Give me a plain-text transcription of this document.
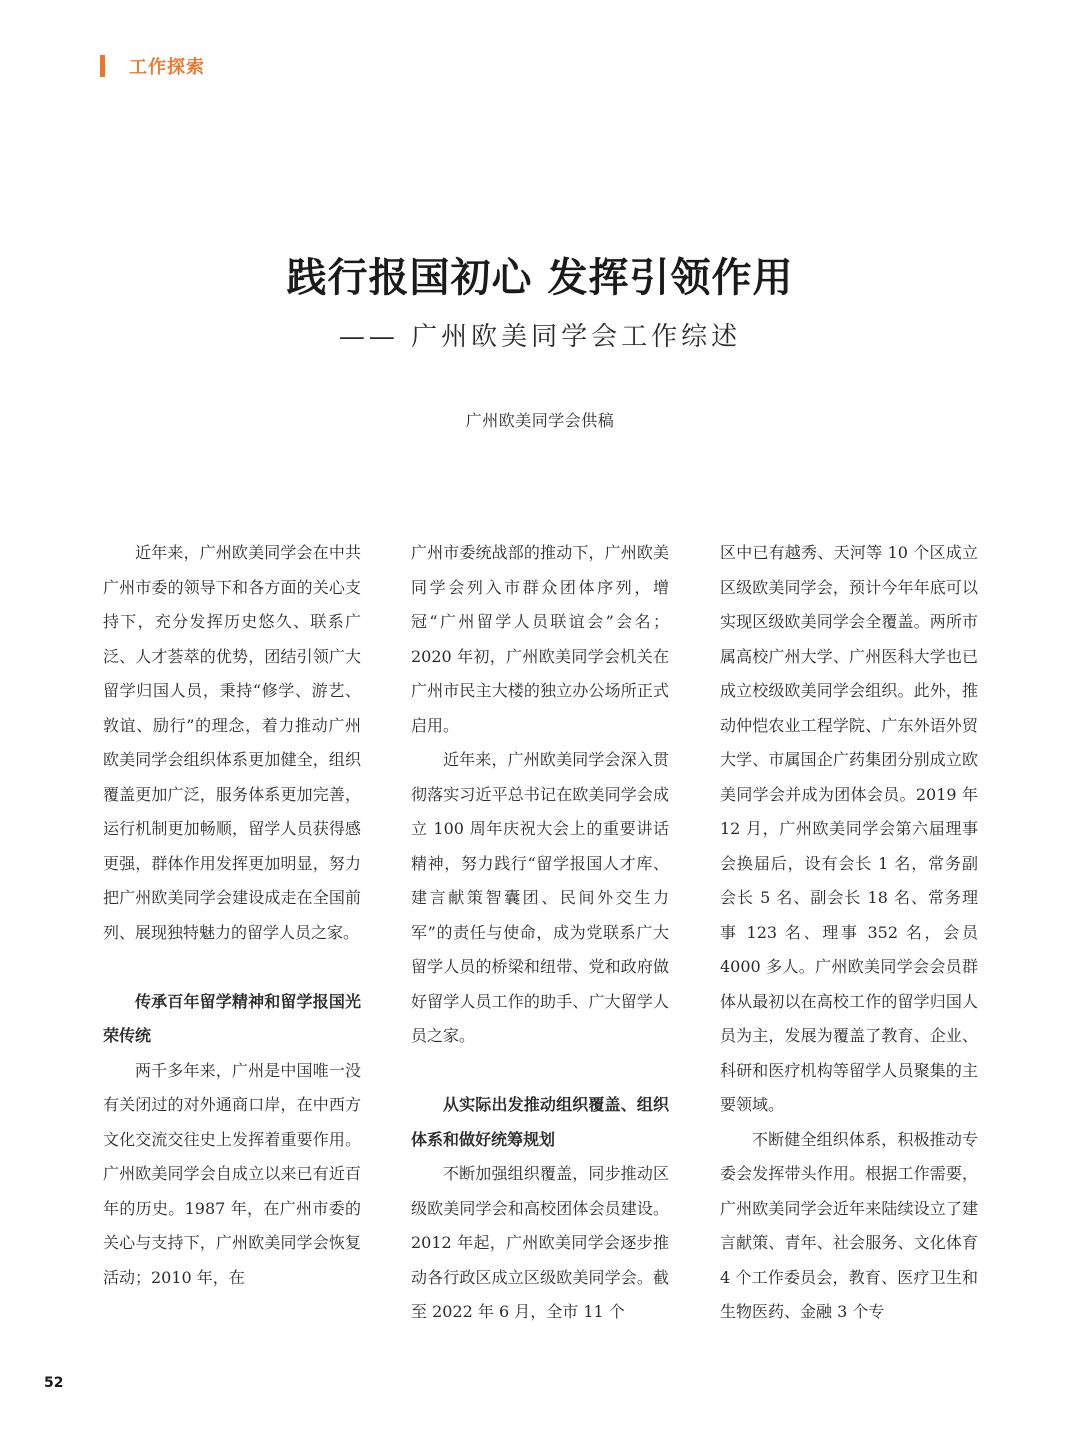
工作探索
践行报国初心 发挥引领作用
—— 广州欧美同学会工作综述
广州欧美同学会供稿

近年来，广州欧美同学会在中共广州市委的领导下和各方面的关心支持下，充分发挥历史悠久、联系广泛、人才荟萃的优势，团结引领广大留学归国人员，秉持“修学、游艺、敦谊、励行”的理念，着力推动广州欧美同学会组织体系更加健全，组织覆盖更加广泛，服务体系更加完善，运行机制更加畅顺，留学人员获得感更强，群体作用发挥更加明显，努力把广州欧美同学会建设成走在全国前列、展现独特魅力的留学人员之家。

传承百年留学精神和留学报国光荣传统

两千多年来，广州是中国唯一没有关闭过的对外通商口岸，在中西方文化交流交往史上发挥着重要作用。广州欧美同学会自成立以来已有近百年的历史。1987 年，在广州市委的关心与支持下，广州欧美同学会恢复活动；2010 年，在

广州市委统战部的推动下，广州欧美同学会列入市群众团体序列，增冠“广州留学人员联谊会”会名；2020 年初，广州欧美同学会机关在广州市民主大楼的独立办公场所正式启用。

近年来，广州欧美同学会深入贯彻落实习近平总书记在欧美同学会成立 100 周年庆祝大会上的重要讲话精神，努力践行“留学报国人才库、建言献策智囊团、民间外交生力军”的责任与使命，成为党联系广大留学人员的桥梁和纽带、党和政府做好留学人员工作的助手、广大留学人员之家。

从实际出发推动组织覆盖、组织体系和做好统筹规划

不断加强组织覆盖，同步推动区级欧美同学会和高校团体会员建设。2012 年起，广州欧美同学会逐步推动各行政区成立区级欧美同学会。截至 2022 年 6 月，全市 11 个

区中已有越秀、天河等 10 个区成立区级欧美同学会，预计今年年底可以实现区级欧美同学会全覆盖。两所市属高校广州大学、广州医科大学也已成立校级欧美同学会组织。此外，推动仲恺农业工程学院、广东外语外贸大学、市属国企广药集团分别成立欧美同学会并成为团体会员。2019 年 12 月，广州欧美同学会第六届理事会换届后，设有会长 1 名，常务副会长 5 名、副会长 18 名、常务理事 123 名、理事 352 名，会员 4000 多人。广州欧美同学会会员群体从最初以在高校工作的留学归国人员为主，发展为覆盖了教育、企业、科研和医疗机构等留学人员聚集的主要领域。

不断健全组织体系，积极推动专委会发挥带头作用。根据工作需要，广州欧美同学会近年来陆续设立了建言献策、青年、社会服务、文化体育 4 个工作委员会，教育、医疗卫生和生物医药、金融 3 个专

52
